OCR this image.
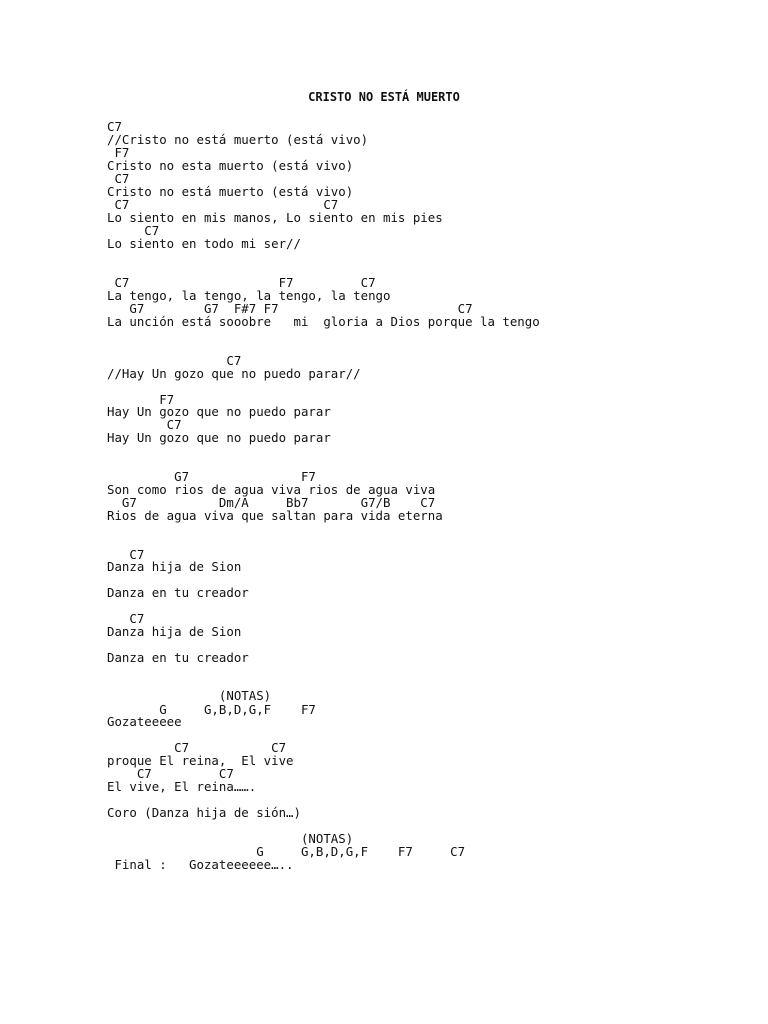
CRISTO NO ESTÁ MUERTO
C7
//Cristo no está muerto (está vivo)
F7
Cristo no esta muerto (está vivo)
C7
Cristo no está muerto (está vivo)
C7                          C7
Lo siento en mis manos, Lo siento en mis pies
C7
Lo siento en todo mi ser//
C7                    F7         C7
La tengo, la tengo, la tengo, la tengo
G7        G7  F#7 F7                        C7
La unción está sooobre   mi  gloria a Dios porque la tengo
C7
//Hay Un gozo que no puedo parar//
F7
Hay Un gozo que no puedo parar
C7
Hay Un gozo que no puedo parar
G7               F7
Son como rios de agua viva rios de agua viva
G7           Dm/A     Bb7       G7/B    C7
Rios de agua viva que saltan para vida eterna
C7
Danza hija de Sion
Danza en tu creador
C7
Danza hija de Sion
Danza en tu creador
(NOTAS)
G     G,B,D,G,F    F7
Gozateeeee
C7           C7
proque El reina,  El vive
C7         C7
El vive, El reina…….
Coro (Danza hija de sión…)
(NOTAS)
G     G,B,D,G,F    F7     C7
Final :   Gozateeeeee…..
